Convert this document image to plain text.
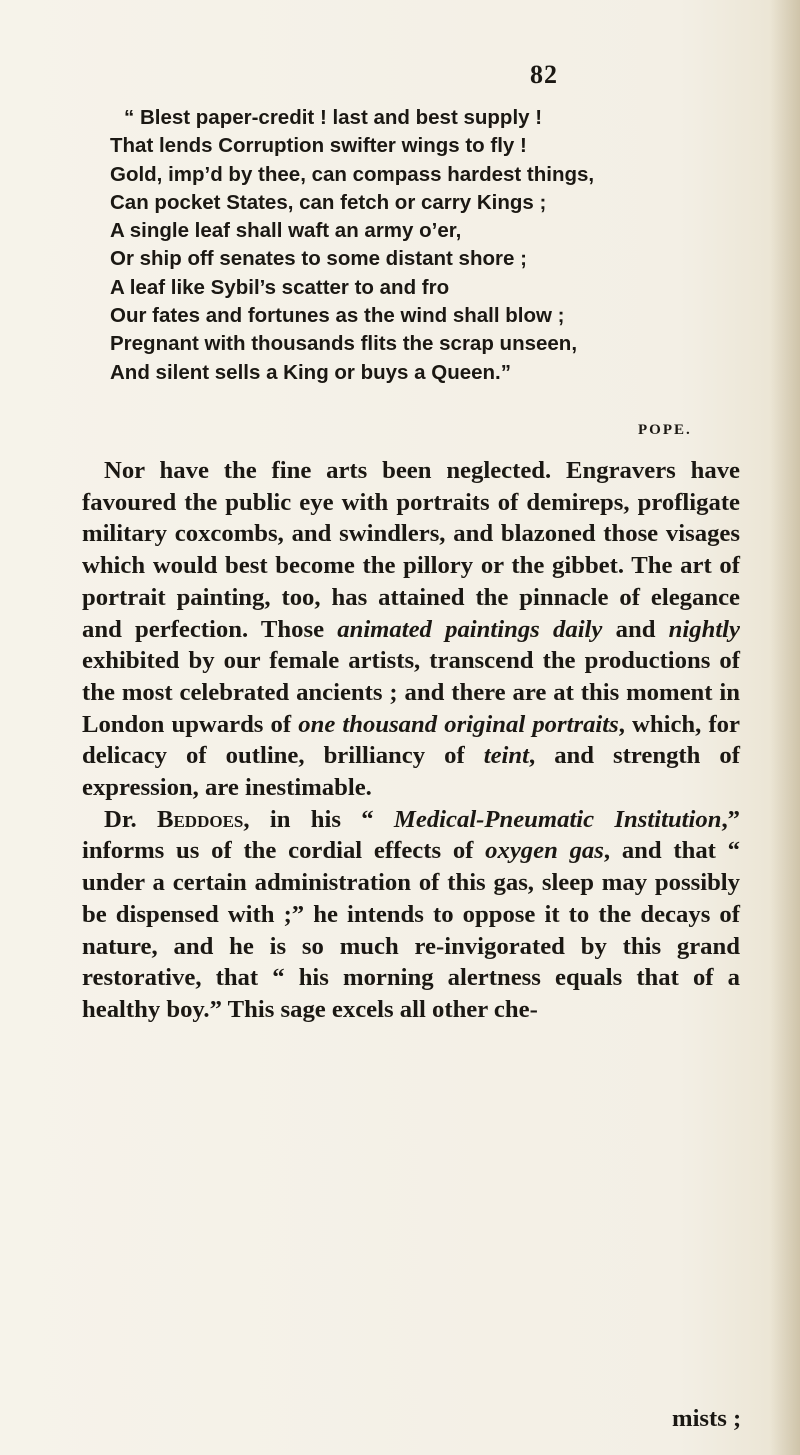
82
“ Blest paper-credit ! last and best supply !
That lends Corruption swifter wings to fly !
Gold, imp’d by thee, can compass hardest things,
Can pocket States, can fetch or carry Kings ;
A single leaf shall waft an army o’er,
Or ship off senates to some distant shore ;
A leaf like Sybil’s scatter to and fro
Our fates and fortunes as the wind shall blow ;
Pregnant with thousands flits the scrap unseen,
And silent sells a King or buys a Queen.”
POPE.

Nor have the fine arts been neglected. Engravers have favoured the public eye with portraits of demireps, profligate military coxcombs, and swindlers, and blazoned those visages which would best become the pillory or the gibbet. The art of portrait painting, too, has attained the pinnacle of elegance and perfection. Those animated paintings daily and nightly exhibited by our female artists, transcend the productions of the most celebrated ancients ; and there are at this moment in London upwards of one thousand original portraits, which, for delicacy of outline, brilliancy of teint, and strength of expression, are inestimable.

Dr. Beddoes, in his “ Medical-Pneumatic Institution,” informs us of the cordial effects of oxygen gas, and that “ under a certain administration of this gas, sleep may possibly be dispensed with ;” he intends to oppose it to the decays of nature, and he is so much re-invigorated by this grand restorative, that “ his morning alertness equals that of a healthy boy.” This sage excels all other che-

mists ;
